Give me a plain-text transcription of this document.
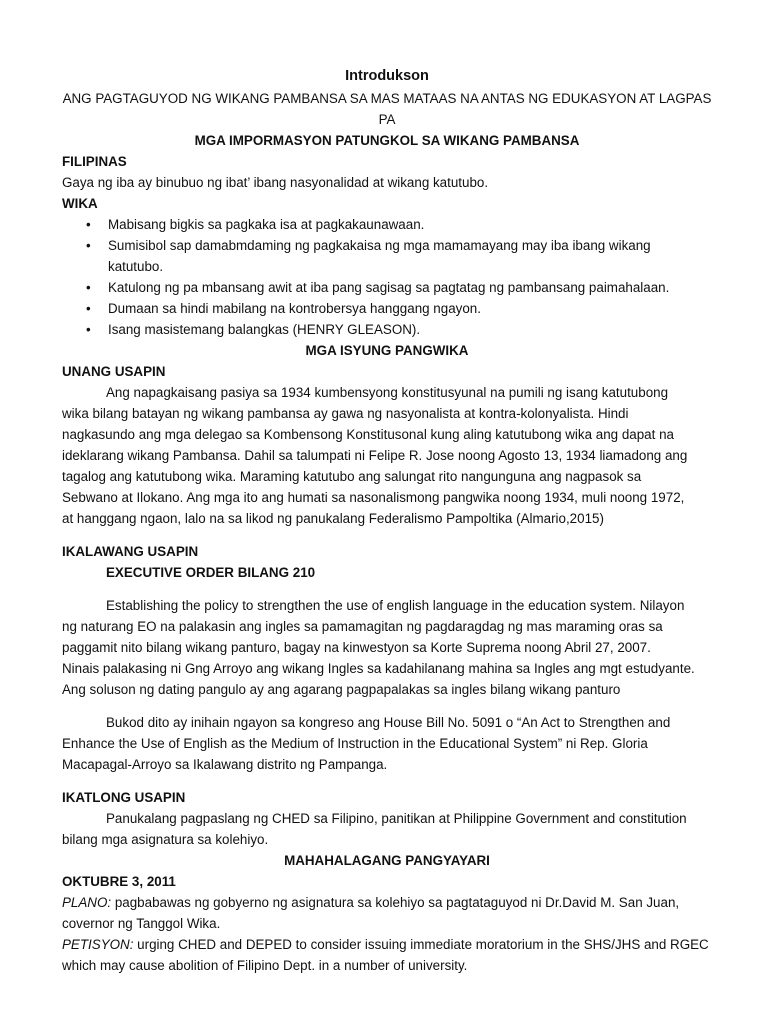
Introdukson
ANG PAGTAGUYOD NG WIKANG PAMBANSA SA MAS MATAAS NA ANTAS NG EDUKASYON AT LAGPAS
PA
MGA IMPORMASYON PATUNGKOL SA WIKANG PAMBANSA
FILIPINAS
Gaya ng iba ay binubuo ng ibat’ ibang nasyonalidad at wikang katutubo.
WIKA
• Mabisang bigkis sa pagkaka isa at pagkakaunawaan.
• Sumisibol sap damabmdaming ng pagkakaisa ng mga mamamayang may iba ibang wikang katutubo.
• Katulong ng pa mbansang awit at iba pang sagisag sa pagtatag ng pambansang paimahalaan.
• Dumaan sa hindi mabilang na kontrobersya hanggang ngayon.
• Isang masistemang balangkas (HENRY GLEASON).
MGA ISYUNG PANGWIKA
UNANG USAPIN
Ang napagkaisang pasiya sa 1934 kumbensyong konstitusyunal na pumili ng isang katutubong
wika bilang batayan ng wikang pambansa ay gawa ng nasyonalista at kontra-kolonyalista. Hindi
nagkasundo ang mga delegao sa Kombensong Konstitusonal kung aling katutubong wika ang dapat na
ideklarang wikang Pambansa. Dahil sa talumpati ni Felipe R. Jose noong Agosto 13, 1934 liamadong ang
tagalog ang katutubong wika. Maraming katutubo ang salungat rito nangunguna ang nagpasok sa
Sebwano at Ilokano. Ang mga ito ang humati sa nasonalismong pangwika noong 1934, muli noong 1972,
at hanggang ngaon, lalo na sa likod ng panukalang Federalismo Pampoltika (Almario,2015)
IKALAWANG USAPIN
EXECUTIVE ORDER BILANG 210
Establishing the policy to strengthen the use of english language in the education system. Nilayon
ng naturang EO na palakasin ang ingles sa pamamagitan ng pagdaragdag ng mas maraming oras sa
paggamit nito bilang wikang panturo, bagay na kinwestyon sa Korte Suprema noong Abril 27, 2007.
Ninais palakasing ni Gng Arroyo ang wikang Ingles sa kadahilanang mahina sa Ingles ang mgt estudyante.
Ang soluson ng dating pangulo ay ang agarang pagpapalakas sa ingles bilang wikang panturo
Bukod dito ay inihain ngayon sa kongreso ang House Bill No. 5091 o “An Act to Strengthen and
Enhance the Use of English as the Medium of Instruction in the Educational System” ni Rep. Gloria
Macapagal-Arroyo sa Ikalawang distrito ng Pampanga.
IKATLONG USAPIN
Panukalang pagpaslang ng CHED sa Filipino, panitikan at Philippine Government and constitution
bilang mga asignatura sa kolehiyo.
MAHAHALAGANG PANGYAYARI
OKTUBRE 3, 2011
PLANO: pagbabawas ng gobyerno ng asignatura sa kolehiyo sa pagtataguyod ni Dr.David M. San Juan,
covernor ng Tanggol Wika.
PETISYON: urging CHED and DEPED to consider issuing immediate moratorium in the SHS/JHS and RGEC
which may cause abolition of Filipino Dept. in a number of university.
